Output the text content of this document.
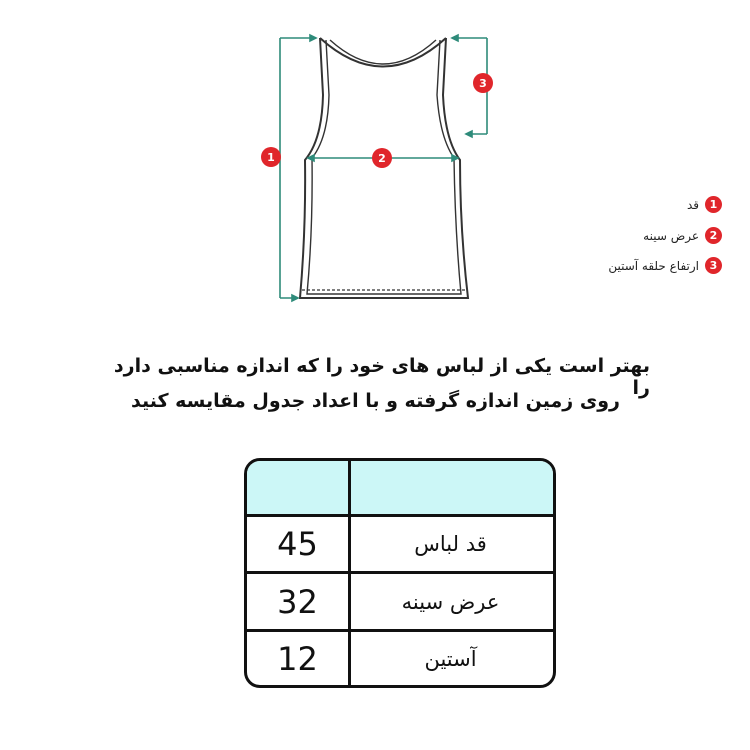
1	2
3
1
قد
2
عرض سینه
3
ارتفاع حلقه آستین
بهتر است یکی از لباس های خود را که اندازه مناسبی دارد را
روی زمین اندازه گرفته و با اعداد جدول مقایسه کنید
45	قد لباس
32	عرض سینه
12	آستین
